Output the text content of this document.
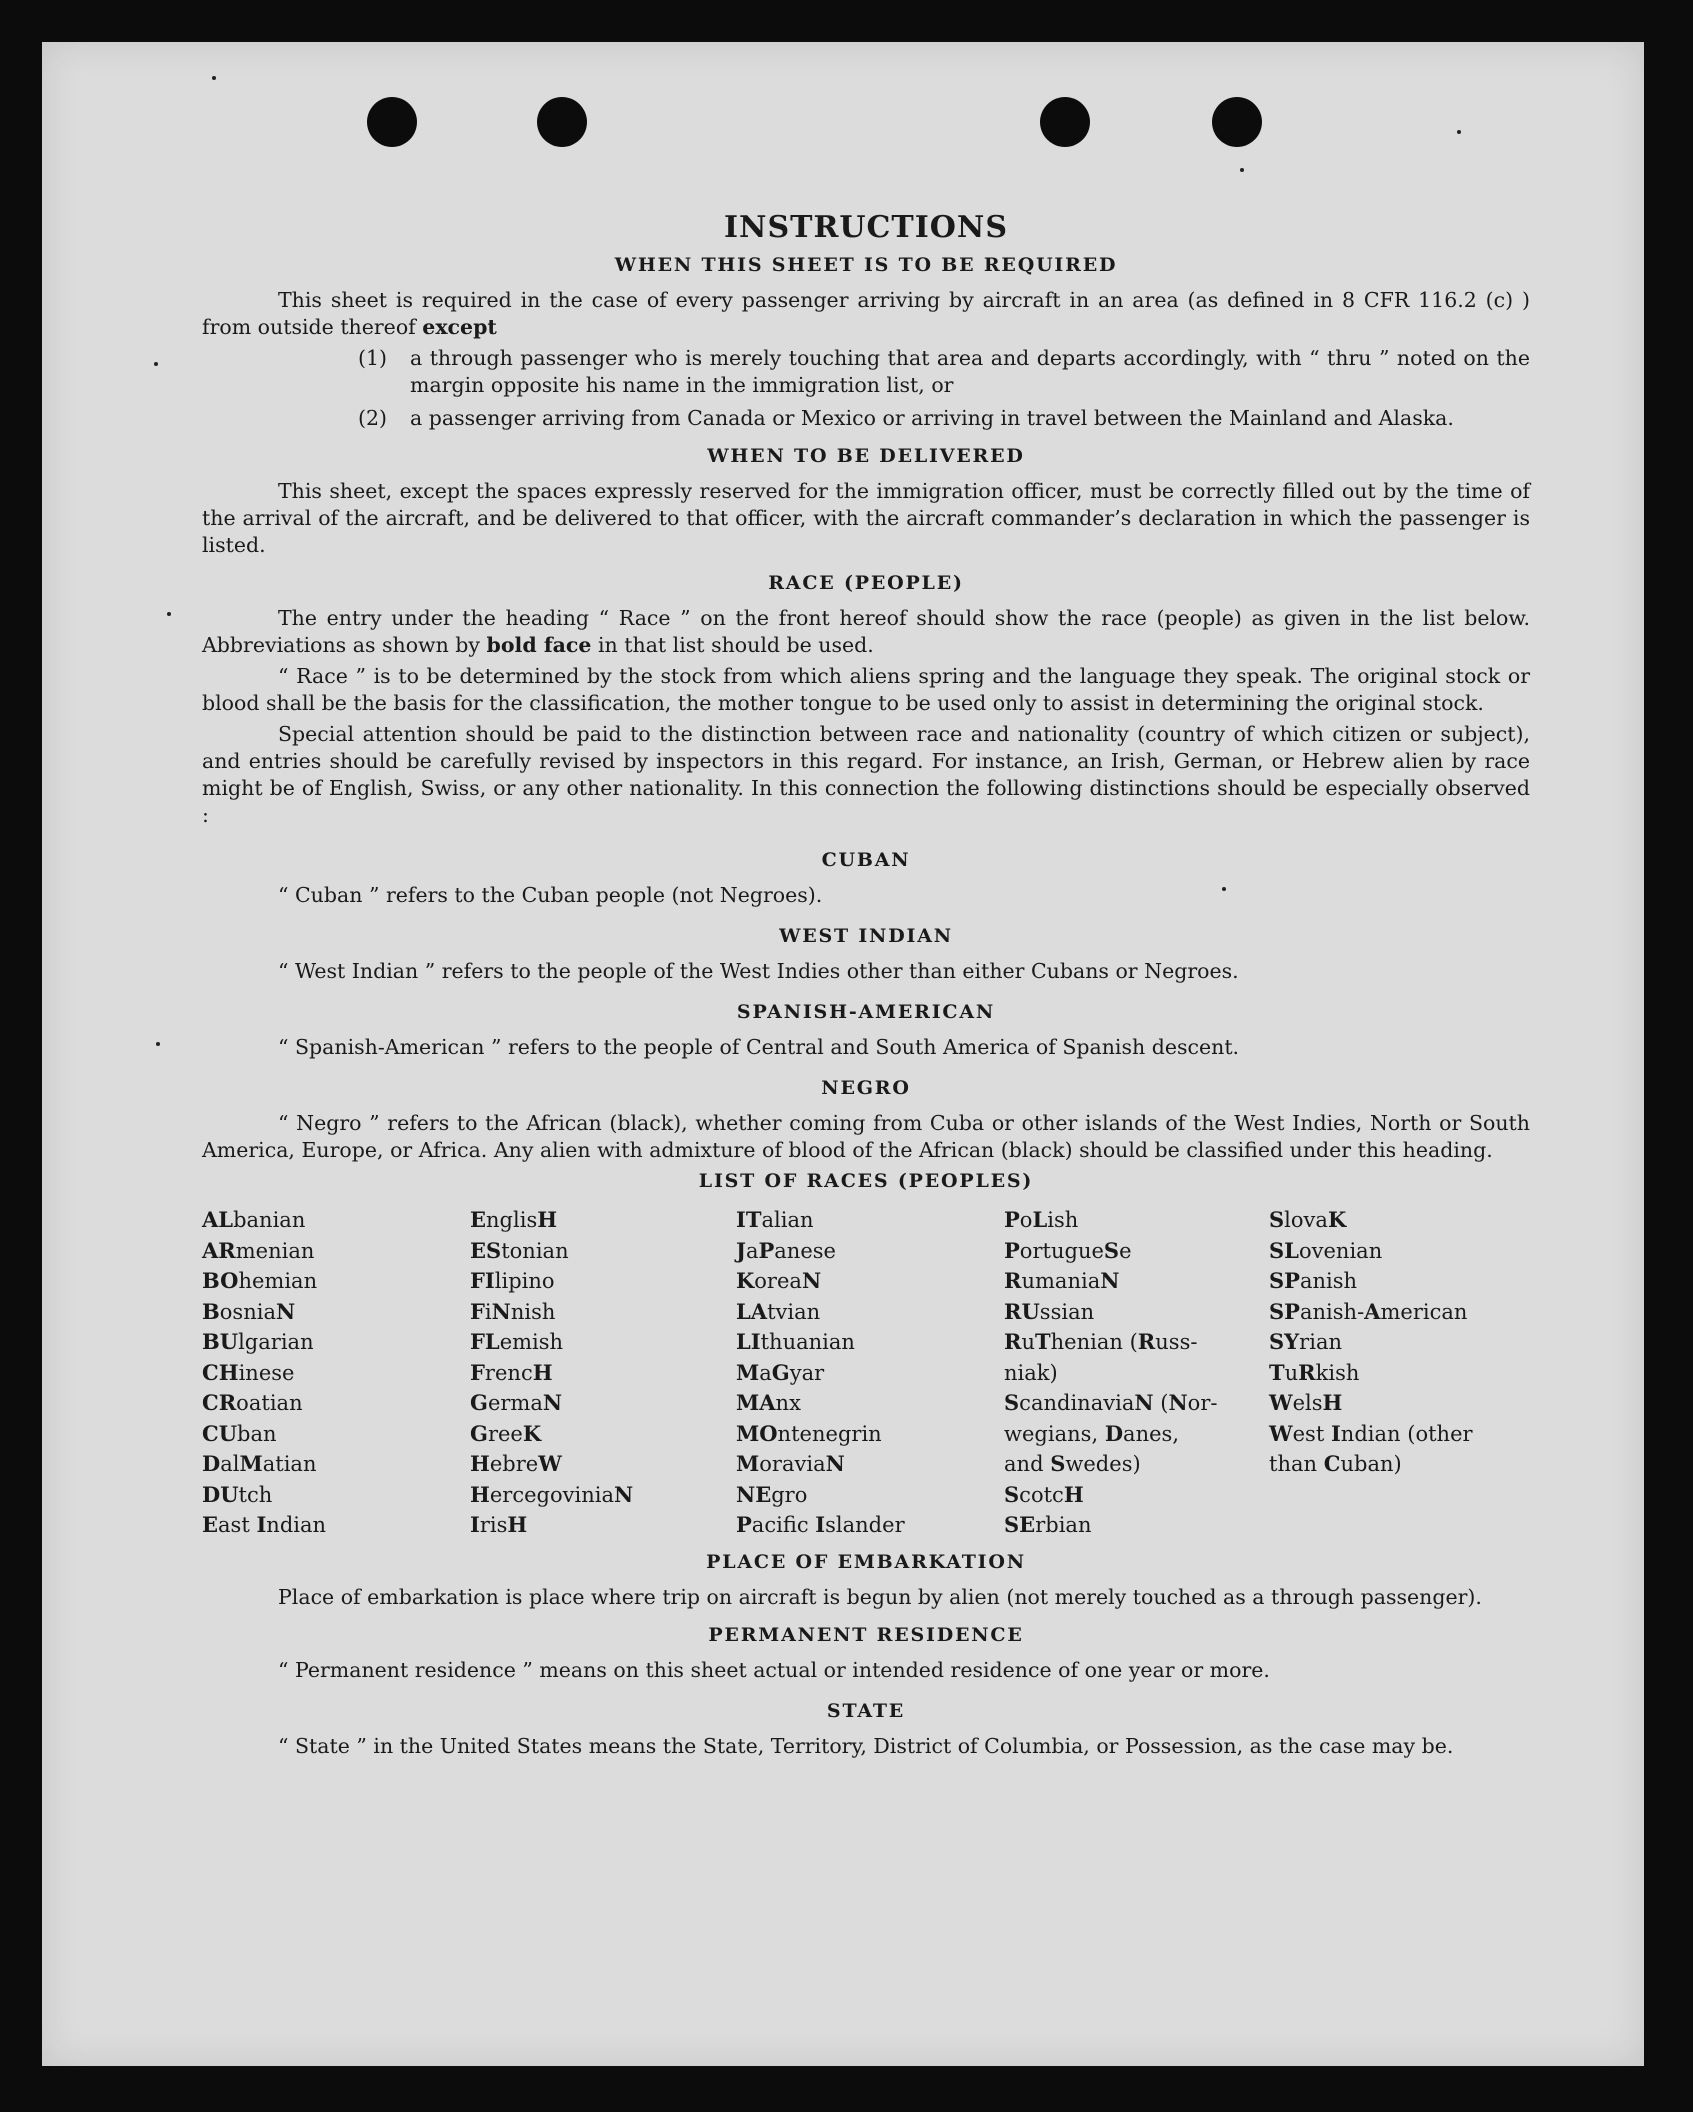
INSTRUCTIONS
WHEN THIS SHEET IS TO BE REQUIRED

This sheet is required in the case of every passenger arriving by aircraft in an area (as defined in 8 CFR 116.2 (c) ) from outside thereof except

(1)	a through passenger who is merely touching that area and departs accordingly, with “ thru ” noted on the margin opposite his name in the immigration list, or
(2)	a passenger arriving from Canada or Mexico or arriving in travel between the Mainland and Alaska.
WHEN TO BE DELIVERED

This sheet, except the spaces expressly reserved for the immigration officer, must be correctly filled out by the time of the arrival of the aircraft, and be delivered to that officer, with the aircraft commander’s declaration in which the passenger is listed.

RACE (PEOPLE)

The entry under the heading “ Race ” on the front hereof should show the race (people) as given in the list below. Abbreviations as shown by bold face in that list should be used.

“ Race ” is to be determined by the stock from which aliens spring and the language they speak. The original stock or blood shall be the basis for the classification, the mother tongue to be used only to assist in determining the original stock.

Special attention should be paid to the distinction between race and nationality (country of which citizen or subject), and entries should be carefully revised by inspectors in this regard. For instance, an Irish, German, or Hebrew alien by race might be of English, Swiss, or any other nationality. In this connection the following distinctions should be especially observed :

CUBAN

“ Cuban ” refers to the Cuban people (not Negroes).

WEST INDIAN

“ West Indian ” refers to the people of the West Indies other than either Cubans or Negroes.

SPANISH-AMERICAN

“ Spanish-American ” refers to the people of Central and South America of Spanish descent.

NEGRO

“ Negro ” refers to the African (black), whether coming from Cuba or other islands of the West Indies, North or South America, Europe, or Africa. Any alien with admixture of blood of the African (black) should be classified under this heading.

LIST OF RACES (PEOPLES)
ALbanian
ARmenian
BOhemian
BosniaN
BUlgarian
CHinese
CRoatian
CUban
DalMatian
DUtch
East Indian
EnglisH
EStonian
FIlipino
FiNnish
FLemish
FrencH
GermaN
GreeK
HebreW
HercegoviniaN
IrisH
ITalian
JaPanese
KoreaN
LAtvian
LIthuanian
MaGyar
MAnx
MOntenegrin
MoraviaN
NEgro
Pacifc Islander
PoLish
PortugueSe
RumaniaN
RUssian
RuThenian (Russ-
niak)
ScandinaviaN (Nor-
wegians, Danes,
and Swedes)
ScotcH
SErbian
SlovaK
SLovenian
SPanish
SPanish-American
SYrian
TuRkish
WelsH
West Indian (other
than Cuban)
PLACE OF EMBARKATION

Place of embarkation is place where trip on aircraft is begun by alien (not merely touched as a through passenger).

PERMANENT RESIDENCE

“ Permanent residence ” means on this sheet actual or intended residence of one year or more.

STATE

“ State ” in the United States means the State, Territory, District of Columbia, or Possession, as the case may be.
